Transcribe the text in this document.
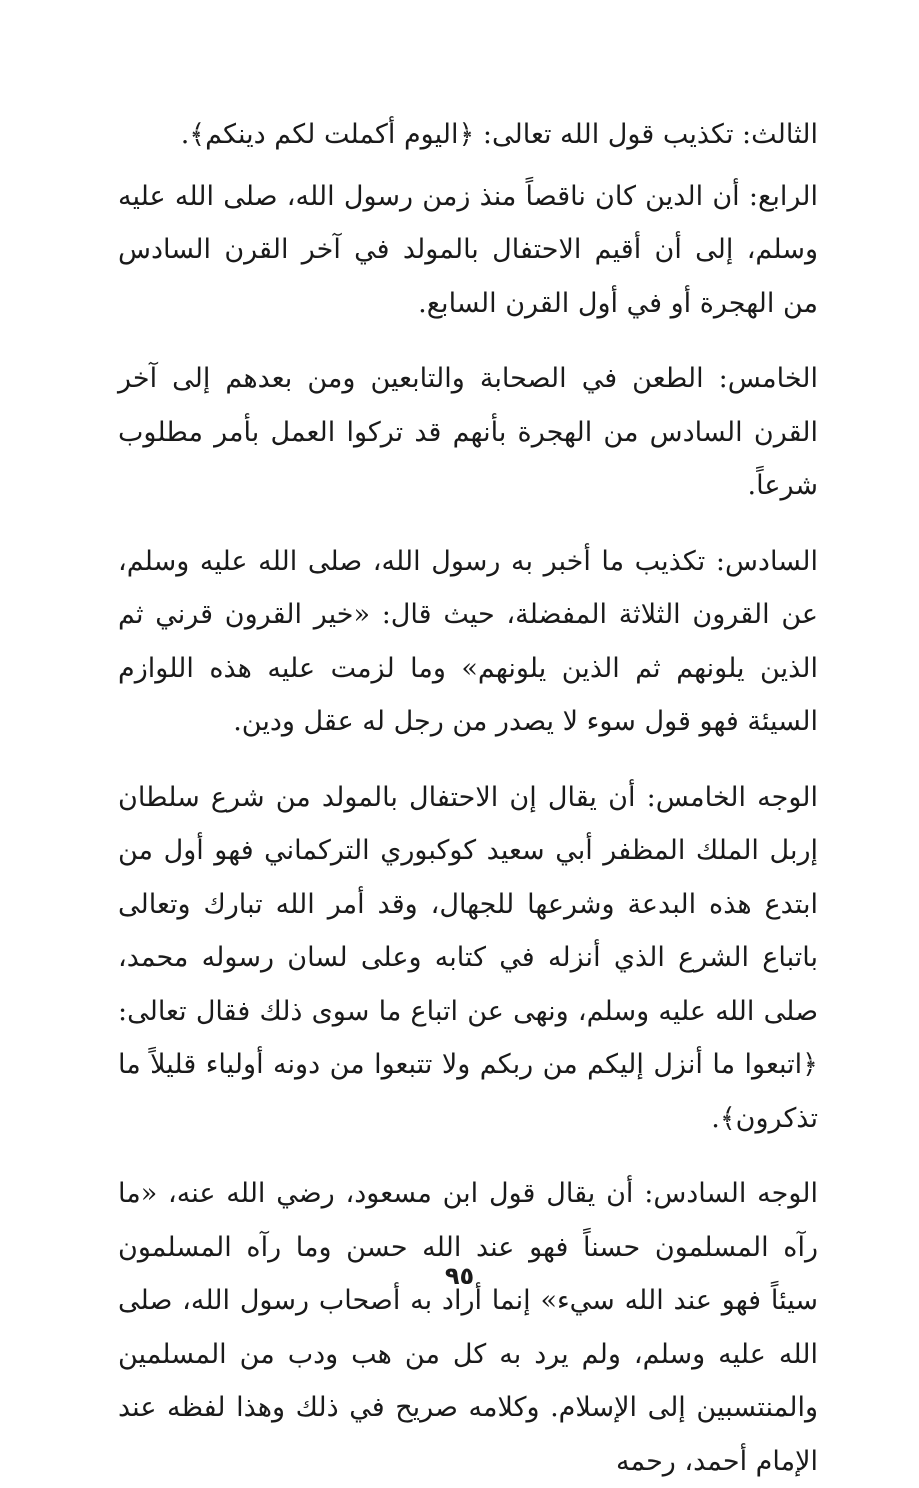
الثالث: تكذيب قول الله تعالى: ﴿اليوم أكملت لكم دينكم﴾.

الرابع: أن الدين كان ناقصاً منذ زمن رسول الله، صلى الله عليه وسلم، إلى أن أقيم الاحتفال بالمولد في آخر القرن السادس من الهجرة أو في أول القرن السابع.

الخامس: الطعن في الصحابة والتابعين ومن بعدهم إلى آخر القرن السادس من الهجرة بأنهم قد تركوا العمل بأمر مطلوب شرعاً.

السادس: تكذيب ما أخبر به رسول الله، صلى الله عليه وسلم، عن القرون الثلاثة المفضلة، حيث قال: «خير القرون قرني ثم الذين يلونهم ثم الذين يلونهم» وما لزمت عليه هذه اللوازم السيئة فهو قول سوء لا يصدر من رجل له عقل ودين.

الوجه الخامس: أن يقال إن الاحتفال بالمولد من شرع سلطان إربل الملك المظفر أبي سعيد كوكبوري التركماني فهو أول من ابتدع هذه البدعة وشرعها للجهال، وقد أمر الله تبارك وتعالى باتباع الشرع الذي أنزله في كتابه وعلى لسان رسوله محمد، صلى الله عليه وسلم، ونهى عن اتباع ما سوى ذلك فقال تعالى: ﴿اتبعوا ما أنزل إليكم من ربكم ولا تتبعوا من دونه أولياء قليلاً ما تذكرون﴾.

الوجه السادس: أن يقال قول ابن مسعود، رضي الله عنه، «ما رآه المسلمون حسناً فهو عند الله حسن وما رآه المسلمون سيئاً فهو عند الله سيء» إنما أراد به أصحاب رسول الله، صلى الله عليه وسلم، ولم يرد به كل من هب ودب من المسلمين والمنتسبين إلى الإسلام. وكلامه صريح في ذلك وهذا لفظه عند الإمام أحمد، رحمه

٩٥
